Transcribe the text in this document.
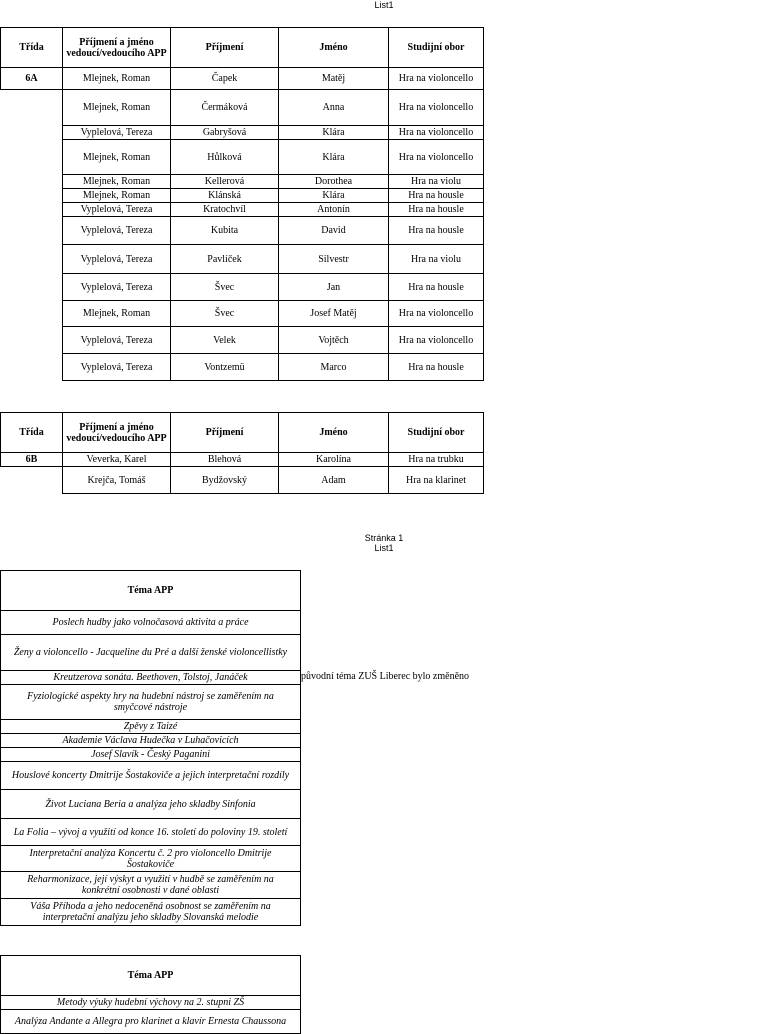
List1
Třída	Příjmení a jméno vedoucí/vedoucího APP	Příjmení	Jméno	Studijní obor
6A	Mlejnek, Roman	Čapek	Matěj	Hra na violoncello
	Mlejnek, Roman	Čermáková	Anna	Hra na violoncello
	Vyplelová, Tereza	Gabryšová	Klára	Hra na violoncello
	Mlejnek, Roman	Hůlková	Klára	Hra na violoncello
	Mlejnek, Roman	Kellerová	Dorothea	Hra na violu
	Mlejnek, Roman	Klánská	Klára	Hra na housle
	Vyplelová, Tereza	Kratochvíl	Antonín	Hra na housle
	Vyplelová, Tereza	Kubita	David	Hra na housle
	Vyplelová, Tereza	Pavlíček	Silvestr	Hra na violu
	Vyplelová, Tereza	Švec	Jan	Hra na housle
	Mlejnek, Roman	Švec	Josef Matěj	Hra na violoncello
	Vyplelová, Tereza	Velek	Vojtěch	Hra na violoncello
	Vyplelová, Tereza	Vontzemü	Marco	Hra na housle
Třída	Příjmení a jméno vedoucí/vedoucího APP	Příjmení	Jméno	Studijní obor
6B	Veverka, Karel	Blehová	Karolína	Hra na trubku
	Krejča, Tomáš	Bydžovský	Adam	Hra na klarinet
Stránka 1
List1
Téma APP
Poslech hudby jako volnočasová aktivita a práce
Ženy a violoncello - Jacqueline du Pré a další ženské violoncellistky
Kreutzerova sonáta. Beethoven, Tolstoj, Janáček
Fyziologické aspekty hry na hudební nástroj se zaměřením na smyčcové nástroje
Zpěvy z Taizé
Akademie Václava Hudečka v Luhačovicích
Josef Slavík - Český Paganini
Houslové koncerty Dmitrije Šostakoviče a jejich interpretační rozdíly
Život Luciana Beria a analýza jeho skladby Sinfonia
La Folia – vývoj a využití od konce 16. století do poloviny 19. století
Interpretační analýza Koncertu č. 2 pro violoncello Dmitrije Šostakoviče
Reharmonizace, její výskyt a využití v hudbě se zaměřením na konkrétní osobnosti v dané oblasti
Váša Příhoda a jeho nedoceněná osobnost se zaměřením na interpretační analýzu jeho skladby Slovanská melodie
původní téma ZUŠ Liberec bylo změněno
Téma APP
Metody výuky hudební výchovy na 2. stupni ZŠ
Analýza Andante a Allegra pro klarinet a klavír Ernesta Chaussona
